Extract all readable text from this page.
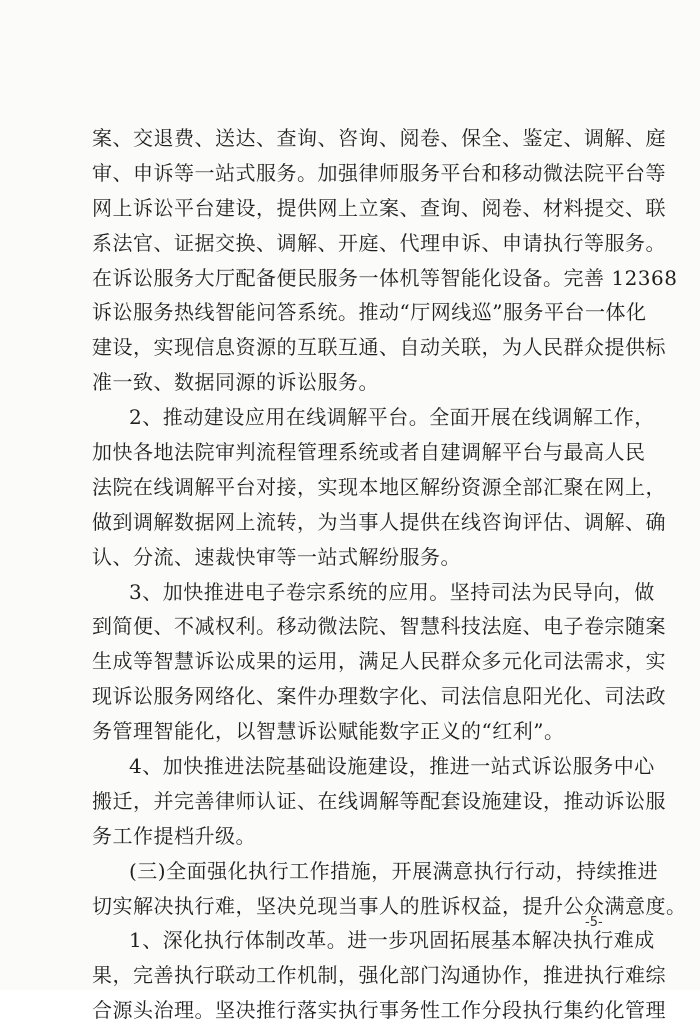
案、交退费、送达、查询、咨询、阅卷、保全、鉴定、调解、庭
审、申诉等一站式服务。加强律师服务平台和移动微法院平台等
网上诉讼平台建设，提供网上立案、查询、阅卷、材料提交、联
系法官、证据交换、调解、开庭、代理申诉、申请执行等服务。
在诉讼服务大厅配备便民服务一体机等智能化设备。完善 12368
诉讼服务热线智能问答系统。推动“厅网线巡”服务平台一体化
建设，实现信息资源的互联互通、自动关联，为人民群众提供标
准一致、数据同源的诉讼服务。
2、推动建设应用在线调解平台。全面开展在线调解工作，
加快各地法院审判流程管理系统或者自建调解平台与最高人民
法院在线调解平台对接，实现本地区解纷资源全部汇聚在网上，
做到调解数据网上流转，为当事人提供在线咨询评估、调解、确
认、分流、速裁快审等一站式解纷服务。
3、加快推进电子卷宗系统的应用。坚持司法为民导向，做
到简便、不减权利。移动微法院、智慧科技法庭、电子卷宗随案
生成等智慧诉讼成果的运用，满足人民群众多元化司法需求，实
现诉讼服务网络化、案件办理数字化、司法信息阳光化、司法政
务管理智能化，以智慧诉讼赋能数字正义的“红利”。
4、加快推进法院基础设施建设，推进一站式诉讼服务中心
搬迁，并完善律师认证、在线调解等配套设施建设，推动诉讼服
务工作提档升级。
(三)全面强化执行工作措施，开展满意执行行动，持续推进
切实解决执行难，坚决兑现当事人的胜诉权益，提升公众满意度。
1、深化执行体制改革。进一步巩固拓展基本解决执行难成
果，完善执行联动工作机制，强化部门沟通协作，推进执行难综
合源头治理。坚决推行落实执行事务性工作分段执行集约化管理
-5-
